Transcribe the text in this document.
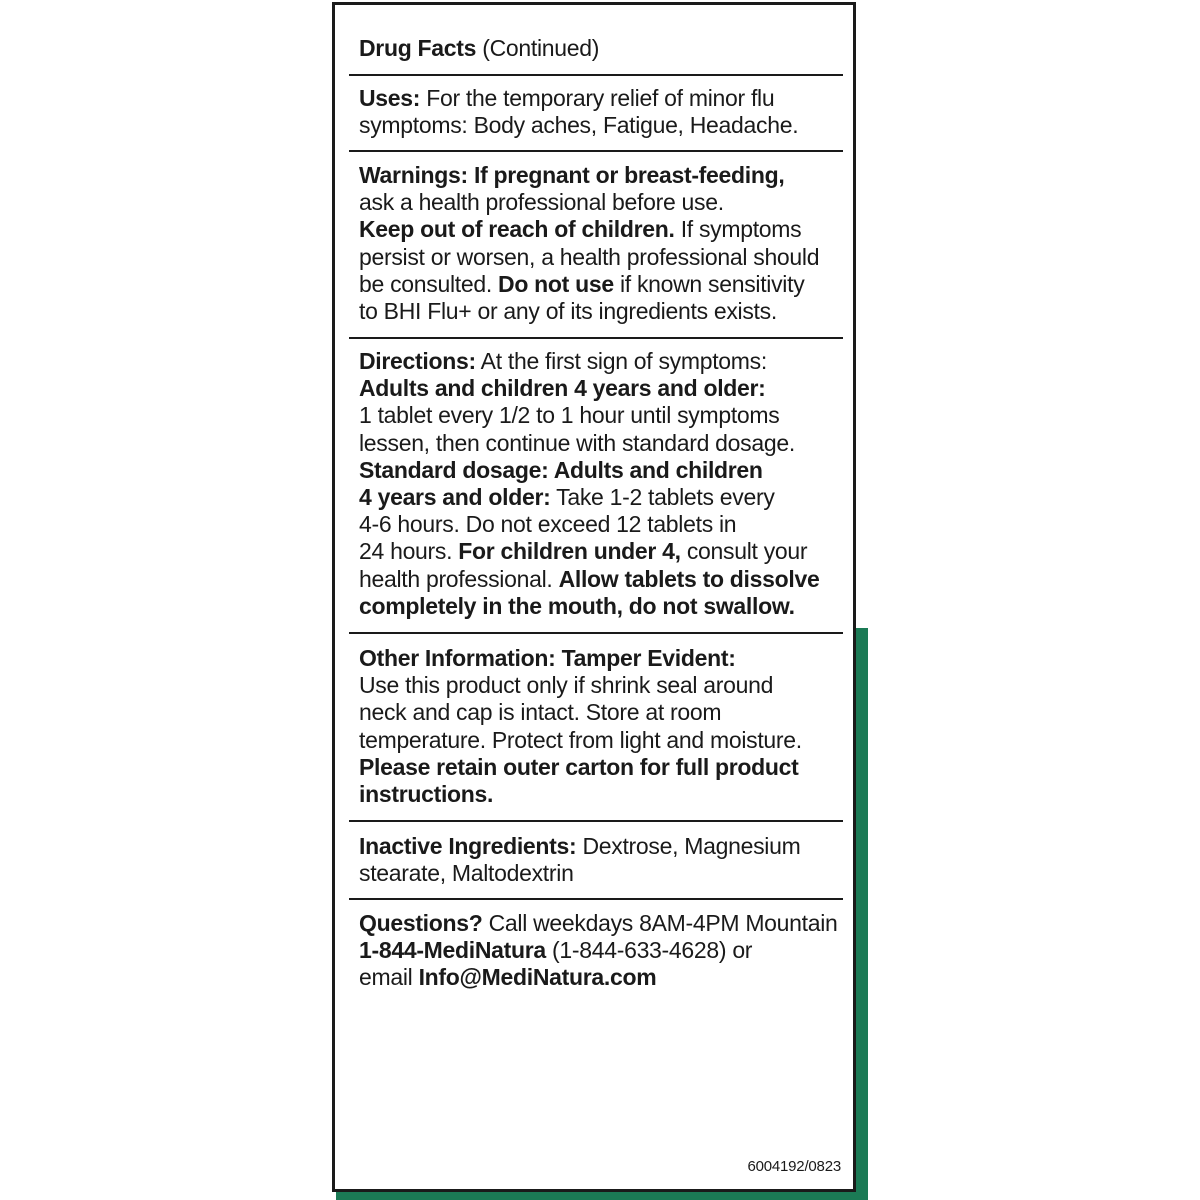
Drug Facts (Continued)
Uses: For the temporary relief of minor flu
symptoms: Body aches, Fatigue, Headache.
Warnings: If pregnant or breast-feeding,
ask a health professional before use.
Keep out of reach of children. If symptoms
persist or worsen, a health professional should
be consulted. Do not use if known sensitivity
to BHI Flu+ or any of its ingredients exists.
Directions: At the first sign of symptoms:
Adults and children 4 years and older:
1 tablet every 1/2 to 1 hour until symptoms
lessen, then continue with standard dosage.
Standard dosage: Adults and children
4 years and older: Take 1-2 tablets every
4-6 hours. Do not exceed 12 tablets in
24 hours. For children under 4, consult your
health professional. Allow tablets to dissolve
completely in the mouth, do not swallow.
Other Information: Tamper Evident:
Use this product only if shrink seal around
neck and cap is intact. Store at room
temperature. Protect from light and moisture.
Please retain outer carton for full product
instructions.
Inactive Ingredients: Dextrose, Magnesium
stearate, Maltodextrin
Questions? Call weekdays 8AM-4PM Mountain
1-844-MediNatura (1-844-633-4628) or
email Info@MediNatura.com
6004192/0823
